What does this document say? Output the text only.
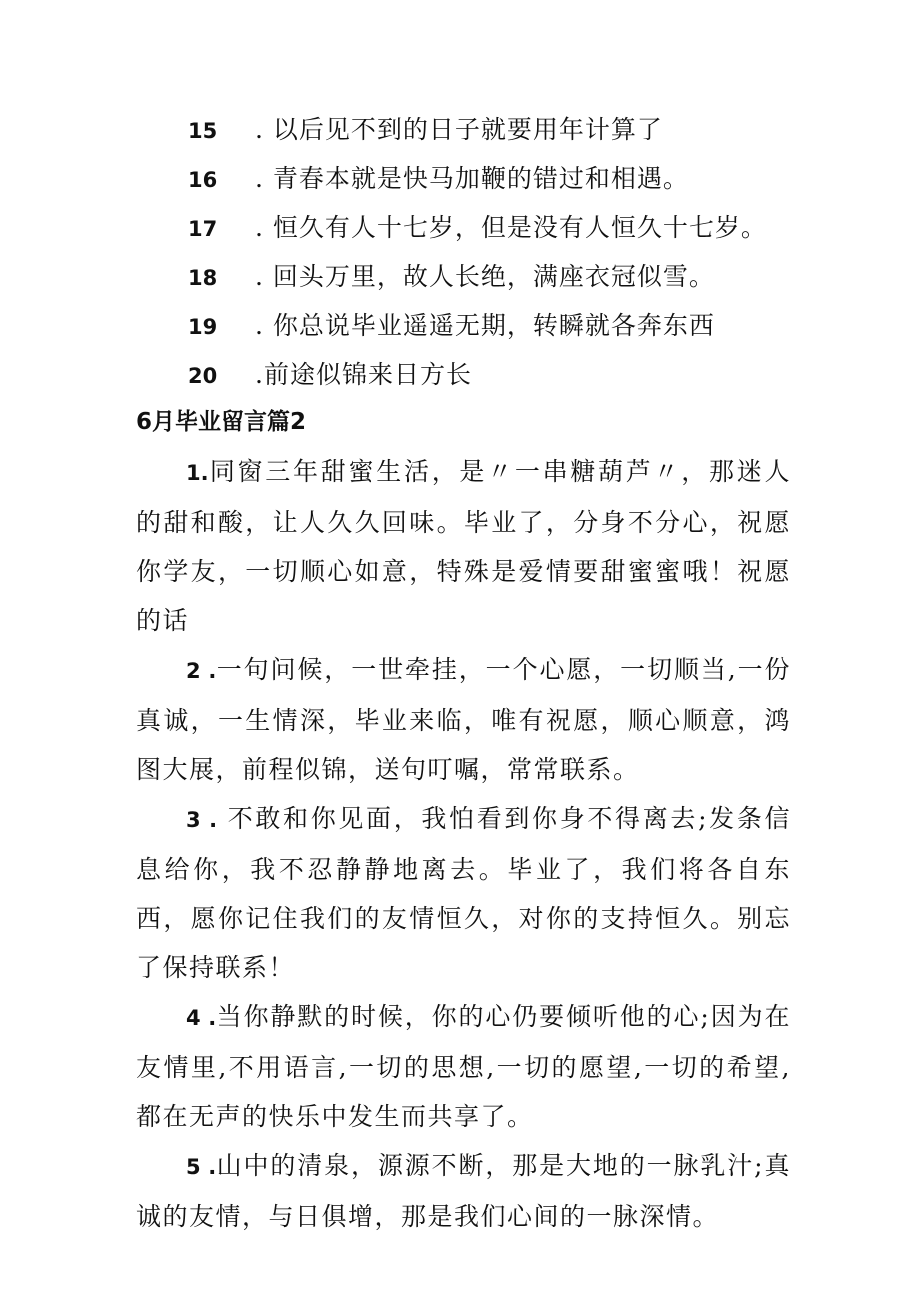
15	. 以后见不到的日子就要用年计算了
16	. 青春本就是快马加鞭的错过和相遇。
17	. 恒久有人十七岁，但是没有人恒久十七岁。
18	. 回头万里，故人长绝，满座衣冠似雪。
19	. 你总说毕业遥遥无期，转瞬就各奔东西
20	.前途似锦来日方长
6月毕业留言篇2

1.同窗三年甜蜜生活，是〃一串糖葫芦〃，那迷人的甜和酸，让人久久回味。毕业了，分身不分心，祝愿你学友，一切顺心如意，特殊是爱情要甜蜜蜜哦！祝愿的话

2 .一句问候，一世牵挂，一个心愿，一切顺当,一份真诚，一生情深，毕业来临，唯有祝愿，顺心顺意，鸿图大展，前程似锦，送句叮嘱，常常联系。

3 . 不敢和你见面，我怕看到你身不得离去;发条信息给你，我不忍静静地离去。毕业了，我们将各自东西，愿你记住我们的友情恒久，对你的支持恒久。别忘了保持联系！

4 .当你静默的时候，你的心仍要倾听他的心;因为在友情里,不用语言,一切的思想,一切的愿望,一切的希望,都在无声的快乐中发生而共享了。

5 .山中的清泉，源源不断，那是大地的一脉乳汁;真诚的友情，与日俱增，那是我们心间的一脉深情。
